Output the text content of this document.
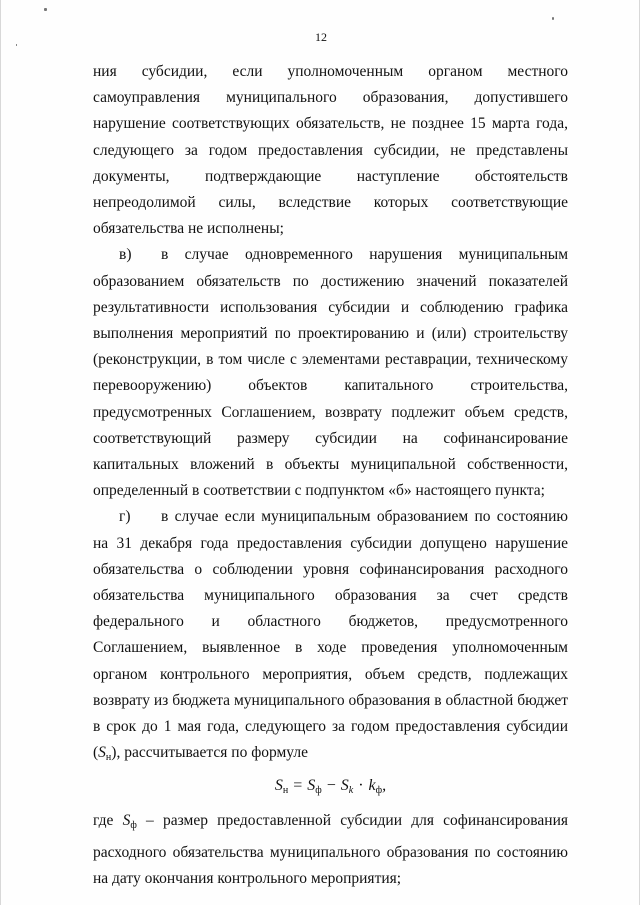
12

ния субсидии, если уполномоченным органом местного самоуправления муниципального образования, допустившего нарушение соответствующих обязательств, не позднее 15 марта года, следующего за годом предоставления субсидии, не представлены документы, подтверждающие наступление обстоятельств непреодолимой силы, вследствие которых соответствующие обязательства не исполнены;

в) в случае одновременного нарушения муниципальным образованием обязательств по достижению значений показателей результативности использования субсидии и соблюдению графика выполнения мероприятий по проектированию и (или) строительству (реконструкции, в том числе с элементами реставрации, техническому перевооружению) объектов капитального строительства, предусмотренных Соглашением, возврату подлежит объем средств, соответствующий размеру субсидии на софинансирование капитальных вложений в объекты муниципальной собственности, определенный в соответствии с подпунктом «б» настоящего пункта;

г) в случае если муниципальным образованием по состоянию на 31 декабря года предоставления субсидии допущено нарушение обязательства о соблюдении уровня софинансирования расходного обязательства муниципального образования за счет средств федерального и областного бюджетов, предусмотренного Соглашением, выявленное в ходе проведения уполномоченным органом контрольного мероприятия, объем средств, подлежащих возврату из бюджета муниципального образования в областной бюджет в срок до 1 мая года, следующего за годом предоставления субсидии $(S_н)$, рассчитывается по формуле

$S_н = S_ф - Sk \cdot k_ф$,

где $S_ф$ – размер предоставленной субсидии для софинансирования расходного обязательства муниципального образования по состоянию на дату окончания контрольного мероприятия;
